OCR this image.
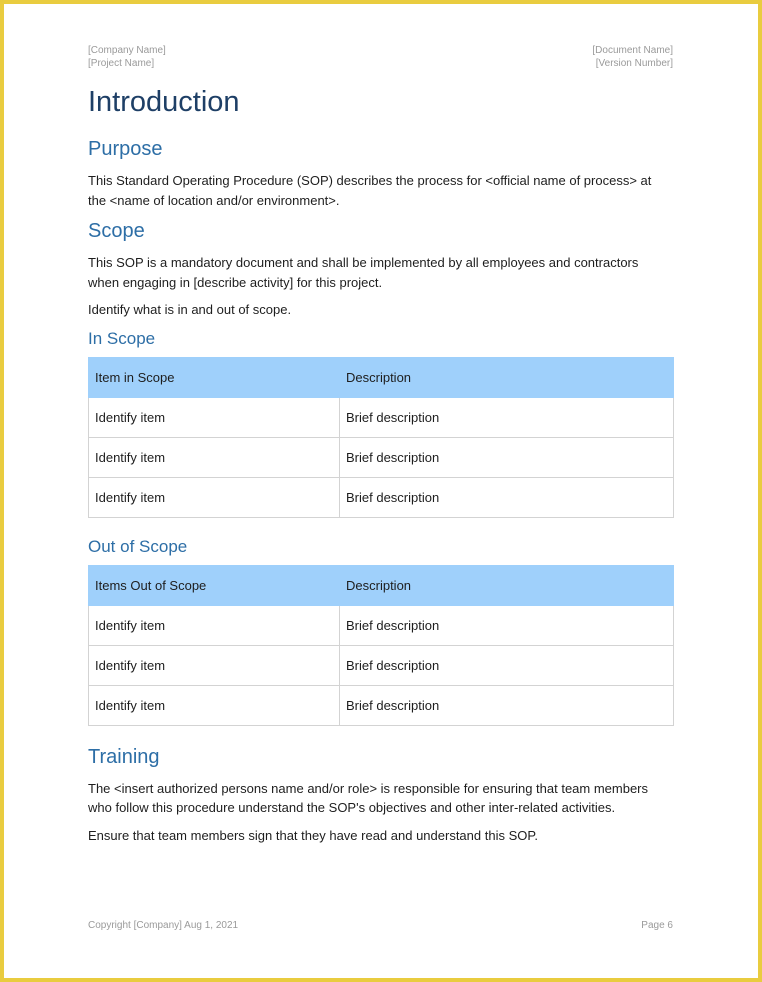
[Company Name]
[Project Name]
[Document Name]
[Version Number]
Introduction
Purpose

This Standard Operating Procedure (SOP) describes the process for <official name of process> at the <name of location and/or environment>.

Scope

This SOP is a mandatory document and shall be implemented by all employees and contractors when engaging in [describe activity] for this project.

Identify what is in and out of scope.

In Scope
Item in Scope	Description
Identify item	Brief description
Identify item	Brief description
Identify item	Brief description
Out of Scope
Items Out of Scope	Description
Identify item	Brief description
Identify item	Brief description
Identify item	Brief description
Training

The <insert authorized persons name and/or role> is responsible for ensuring that team members who follow this procedure understand the SOP's objectives and other inter-related activities.

Ensure that team members sign that they have read and understand this SOP.

Copyright [Company] Aug 1, 2021	Page 6
